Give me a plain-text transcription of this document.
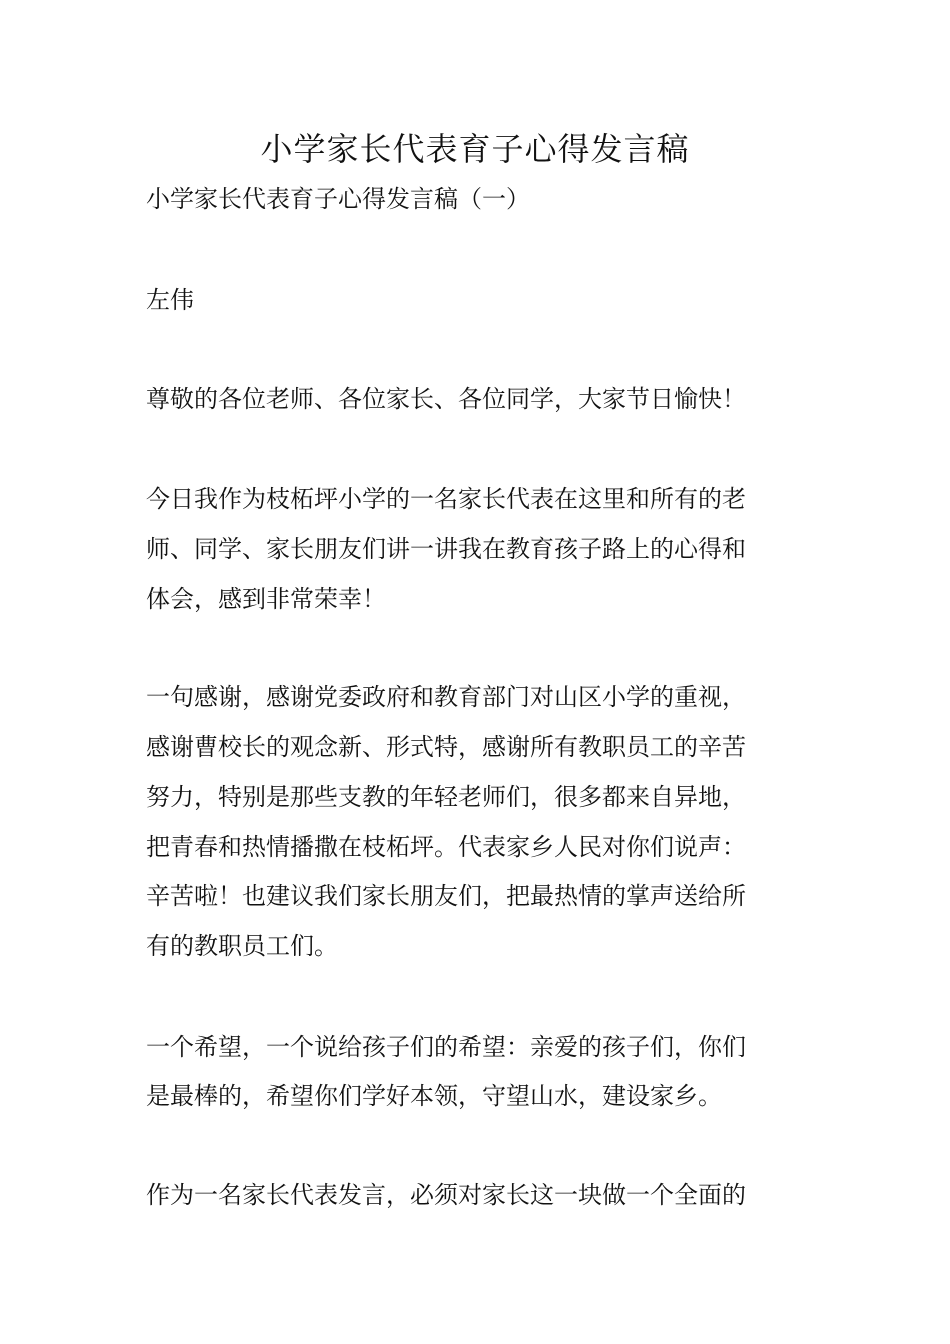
小学家长代表育子心得发言稿
小学家长代表育子心得发言稿（一）
左伟
尊敬的各位老师、各位家长、各位同学，大家节日愉快！
今日我作为枝柘坪小学的一名家长代表在这里和所有的老
师、同学、家长朋友们讲一讲我在教育孩子路上的心得和
体会，感到非常荣幸！
一句感谢，感谢党委政府和教育部门对山区小学的重视，
感谢曹校长的观念新、形式特，感谢所有教职员工的辛苦
努力，特别是那些支教的年轻老师们，很多都来自异地，
把青春和热情播撒在枝柘坪。代表家乡人民对你们说声：
辛苦啦！也建议我们家长朋友们，把最热情的掌声送给所
有的教职员工们。
一个希望，一个说给孩子们的希望：亲爱的孩子们，你们
是最棒的，希望你们学好本领，守望山水，建设家乡。
作为一名家长代表发言，必须对家长这一块做一个全面的
